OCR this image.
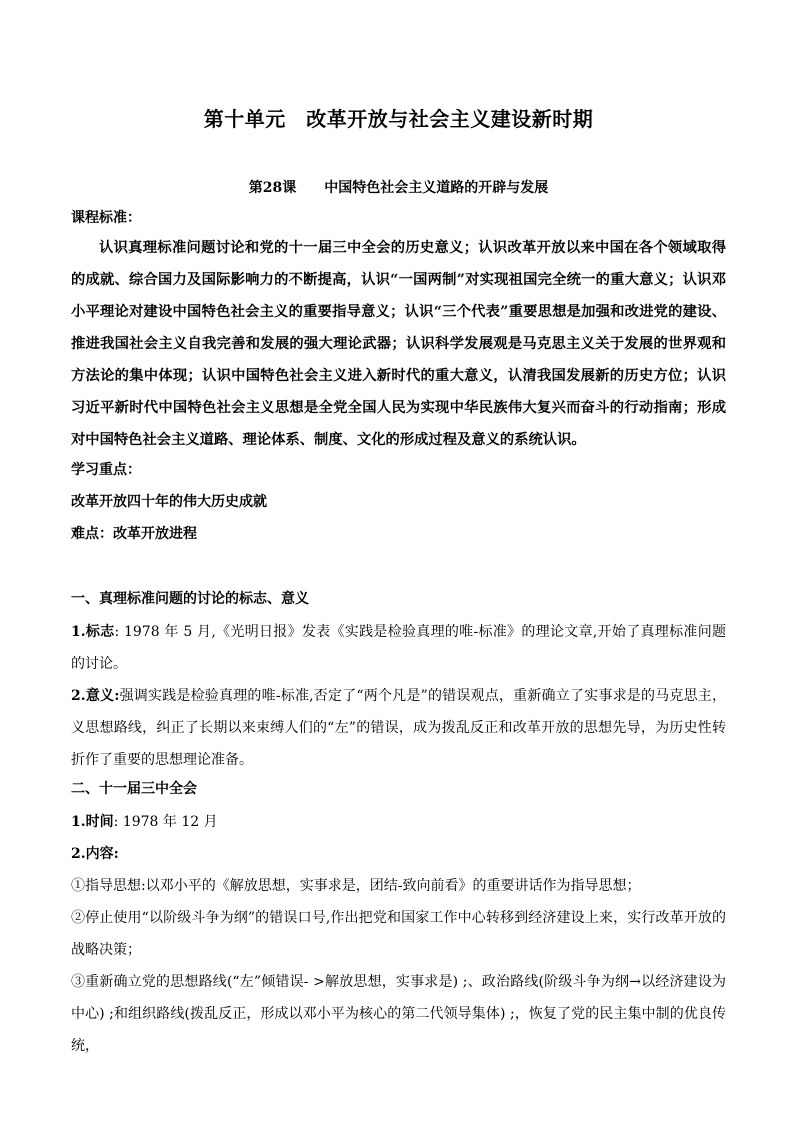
第十单元　改革开放与社会主义建设新时期
第28课　　中国特色社会主义道路的开辟与发展
课程标准：
认识真理标准问题讨论和党的十一届三中全会的历史意义；认识改革开放以来中国在各个领域取得的成就、综合国力及国际影响力的不断提高，认识“一国两制”对实现祖国完全统一的重大意义；认识邓小平理论对建设中国特色社会主义的重要指导意义；认识“三个代表”重要思想是加强和改进党的建设、推进我国社会主义自我完善和发展的强大理论武器；认识科学发展观是马克思主义关于发展的世界观和方法论的集中体现；认识中国特色社会主义进入新时代的重大意义，认清我国发展新的历史方位；认识习近平新时代中国特色社会主义思想是全党全国人民为实现中华民族伟大复兴而奋斗的行动指南；形成对中国特色社会主义道路、理论体系、制度、文化的形成过程及意义的系统认识。
学习重点：
改革开放四十年的伟大历史成就
难点：改革开放进程
一、真理标准问题的讨论的标志、意义
1.标志: 1978 年 5 月,《光明日报》发表《实践是检验真理的唯-标准》的理论文章,开始了真理标准问题的讨论。
2.意义:强调实践是检验真理的唯-标准,否定了“两个凡是”的错误观点，重新确立了实事求是的马克思主，义思想路线，纠正了长期以来束缚人们的“左”的错误，成为拨乱反正和改革开放的思想先导，为历史性转折作了重要的思想理论准备。
二、十一届三中全会
1.时间: 1978 年 12 月
2.内容:
①指导思想:以邓小平的《解放思想，实事求是，团结-致向前看》的重要讲话作为指导思想；
②停止使用“以阶级斗争为纲”的错误口号,作出把党和国家工作中心转移到经济建设上来，实行改革开放的战略决策；
③重新确立党的思想路线(“左”倾错误- >解放思想，实事求是) ;、政治路线(阶级斗争为纲→以经济建设为中心) ;和组织路线(拨乱反正，形成以邓小平为核心的第二代领导集体) ;，恢复了党的民主集中制的优良传统，
